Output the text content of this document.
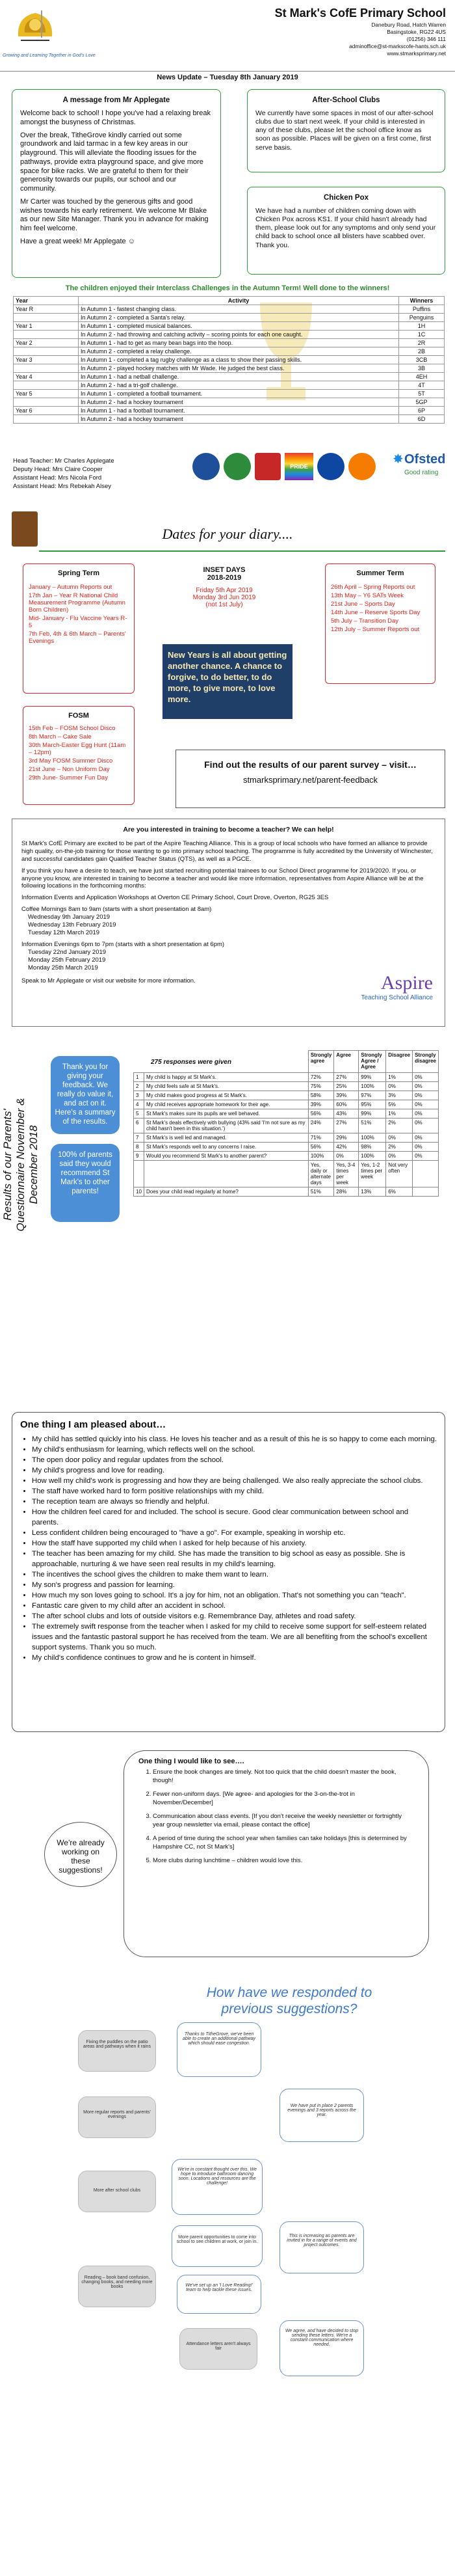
Growing and Learning Together in God's Love
St Mark's CofE Primary School
Danebury Road, Hatch Warren
Basingstoke, RG22 4US
(01256) 346 111
adminoffice@st-markscofe-hants.sch.uk
www.stmarksprimary.net
News Update – Tuesday 8th January 2019
A message from Mr Applegate

Welcome back to school! I hope you've had a relaxing break amongst the busyness of Christmas.

Over the break, TitheGrove kindly carried out some groundwork and laid tarmac in a few key areas in our playground. This will alleviate the flooding issues for the pathways, provide extra playground space, and give more space for bike racks. We are grateful to them for their generosity towards our pupils, our school and our community.

Mr Carter was touched by the generous gifts and good wishes towards his early retirement. We welcome Mr Blake as our new Site Manager. Thank you in advance for making him feel welcome.

Have a great week! Mr Applegate ☺

After-School Clubs

We currently have some spaces in most of our after-school clubs due to start next week. If your child is interested in any of these clubs, please let the school office know as soon as possible. Places will be given on a first come, first serve basis.

Chicken Pox

We have had a number of children coming down with Chicken Pox across KS1. If your child hasn't already had them, please look out for any symptoms and only send your child back to school once all blisters have scabbed over. Thank you.

The children enjoyed their Interclass Challenges in the Autumn Term! Well done to the winners!
Year	Activity	Winners
Year R	In Autumn 1 - fastest changing class.	Puffins
	In Autumn 2 - completed a Santa's relay.	Penguins
Year 1	In Autumn 1 - completed musical balances.	1H
	In Autumn 2 - had throwing and catching activity – scoring points for each one caught.	1C
Year 2	In Autumn 1 - had to get as many bean bags into the hoop.	2R
	In Autumn 2 - completed a relay challenge.	2B
Year 3	In Autumn 1 - completed a tag rugby challenge as a class to show their passing skills.	3CB
	In Autumn 2 - played hockey matches with Mr Wade. He judged the best class.	3B
Year 4	In Autumn 1 - had a netball challenge.	4EH
	In Autumn 2 - had a tri-golf challenge.	4T
Year 5	In Autumn 1 - completed a football tournament.	5T
	In Autumn 2 - had a hockey tournament	5GP
Year 6	In Autumn 1 - had a football tournament.	6P
	In Autumn 2 - had a hockey tournament	6D
Head Teacher: Mr Charles Applegate
Deputy Head: Mrs Claire Cooper
Assistant Head: Mrs Nicola Ford
Assistant Head: Mrs Rebekah Alsey
PRIDE	✸ Ofsted
Good rating
Dates for your diary....
Spring Term
January – Autumn Reports out
17th Jan – Year R National Child Measurement Programme (Autumn Born Children)
Mid- January - Flu Vaccine Years R-5
7th Feb, 4th & 6th March – Parents' Evenings
INSET DAYS
2018-2019
Friday 5th Apr 2019
Monday 3rd Jun 2019
(not 1st July)
Summer Term
26th April – Spring Reports out
13th May – Y6 SATs Week
21st June – Sports Day
14th June – Reserve Sports Day
5th July – Transition Day
12th July – Summer Reports out
New Years is all about getting another chance. A chance to forgive, to do better, to do more, to give more, to love more.
FOSM
15th Feb – FOSM School Disco
8th March – Cake Sale
30th March-Easter Egg Hunt (11am – 12pm)
3rd May FOSM Summer Disco
21st June – Non Uniform Day
29th June- Summer Fun Day
Find out the results of our parent survey – visit…
stmarksprimary.net/parent-feedback
Are you interested in training to become a teacher? We can help!

St Mark's CofE Primary are excited to be part of the Aspire Teaching Alliance. This is a group of local schools who have formed an alliance to provide high quality, on-the-job training for those wanting to go into primary school teaching. The programme is fully accredited by the University of Winchester, and successful candidates gain Qualified Teacher Status (QTS), as well as a PGCE.

If you think you have a desire to teach, we have just started recruiting potential trainees to our School Direct programme for 2019/2020. If you, or anyone you know, are interested in training to become a teacher and would like more information, representatives from Aspire Alliance will be at the following locations in the forthcoming months:

Information Events and Application Workshops at Overton CE Primary School, Court Drove, Overton, RG25 3ES

Coffee Mornings 8am to 9am (starts with a short presentation at 8am)
Wednesday 9th January 2019
Wednesday 13th February 2019
Tuesday 12th March 2019
Information Evenings 6pm to 7pm (starts with a short presentation at 6pm)
Tuesday 22nd January 2019
Monday 25th February 2019
Monday 25th March 2019
Speak to Mr Applegate or visit our website for more information.	Aspire
Teaching School Alliance
Results of our Parents' Questionnaire November & December 2018
Thank you for giving your feedback. We really do value it, and act on it. Here's a summary of the results.
100% of parents said they would recommend St Mark's to other parents!
275 responses were given
		Strongly agree	Agree	Strongly Agree / Agree	Disagree	Strongly disagree
1	My child is happy at St Mark's.	72%	27%	99%	1%	0%
2	My child feels safe at St Mark's.	75%	25%	100%	0%	0%
3	My child makes good progress at St Mark's.	58%	39%	97%	3%	0%
4	My child receives appropriate homework for their age.	39%	60%	95%	5%	0%
5	St Mark's makes sure its pupils are well behaved.	56%	43%	99%	1%	0%
6	St Mark's deals effectively with bullying (43% said 'I'm not sure as my child hasn't been in this situation.')	24%	27%	51%	2%	0%
7	St Mark's is well led and managed.	71%	29%	100%	0%	0%
8	St Mark's responds well to any concerns I raise.	56%	42%	98%	2%	0%
9	Would you recommend St Mark's to another parent?	100%	0%	100%	0%	0%
		Yes, daily or alternate days	Yes, 3-4 times per week	Yes, 1-2 times per week	Not very often	
10	Does your child read regularly at home?	51%	28%	13%	6%	
One thing I am pleased about…
• My child has settled quickly into his class. He loves his teacher and as a result of this he is so happy to come each morning.
• My child's enthusiasm for learning, which reflects well on the school.
• The open door policy and regular updates from the school.
• My child's progress and love for reading.
• How well my child's work is progressing and how they are being challenged. We also really appreciate the school clubs.
• The staff have worked hard to form positive relationships with my child.
• The reception team are always so friendly and helpful.
• How the children feel cared for and included. The school is secure. Good clear communication between school and parents.
• Less confident children being encouraged to "have a go". For example, speaking in worship etc.
• How the staff have supported my child when I asked for help because of his anxiety.
• The teacher has been amazing for my child. She has made the transition to big school as easy as possible. She is approachable, nurturing & we have seen real results in my child's learning.
• The incentives the school gives the children to make them want to learn.
• My son's progress and passion for learning.
• How much my son loves going to school. It's a joy for him, not an obligation. That's not something you can "teach".
• Fantastic care given to my child after an accident in school.
• The after school clubs and lots of outside visitors e.g. Remembrance Day, athletes and road safety.
• The extremely swift response from the teacher when I asked for my child to receive some support for self-esteem related issues and the fantastic pastoral support he has received from the team. We are all benefiting from the school's excellent support systems. Thank you so much.
• My child's confidence continues to grow and he is content in himself.
We're already working on these suggestions!
One thing I would like to see….
1. Ensure the book changes are timely. Not too quick that the child doesn't master the book, though!
2. Fewer non-uniform days. [We agree- and apologies for the 3-on-the-trot in November/December]
3. Communication about class events. [If you don't receive the weekly newsletter or fortnightly year group newsletter via email, please contact the office]
4. A period of time during the school year when families can take holidays [this is determined by Hampshire CC, not St Mark's]
5. More clubs during lunchtime – children would love this.
How have we responded to previous suggestions?
Fixing the puddles on the patio areas and pathways when it rains
More regular reports and parents' evenings
More after school clubs
Reading – book band confusion, changing books, and needing more books
Attendance letters aren't always fair
Thanks to TitheGrove, we've been able to create an additional pathway which should ease congestion.
We have put in place 2 parents evenings and 3 reports across the year.
We're in constant thought over this. We hope to introduce bathroom dancing soon. Locations and resources are the challenge!
More parent opportunities to come into school to see children at work, or join in.
This is increasing as parents are invited in for a range of events and project outcomes.
We've set up an 'I Love Reading!' team to help tackle these issues.
We agree, and have decided to stop sending these letters. We're a constant communication where needed.
